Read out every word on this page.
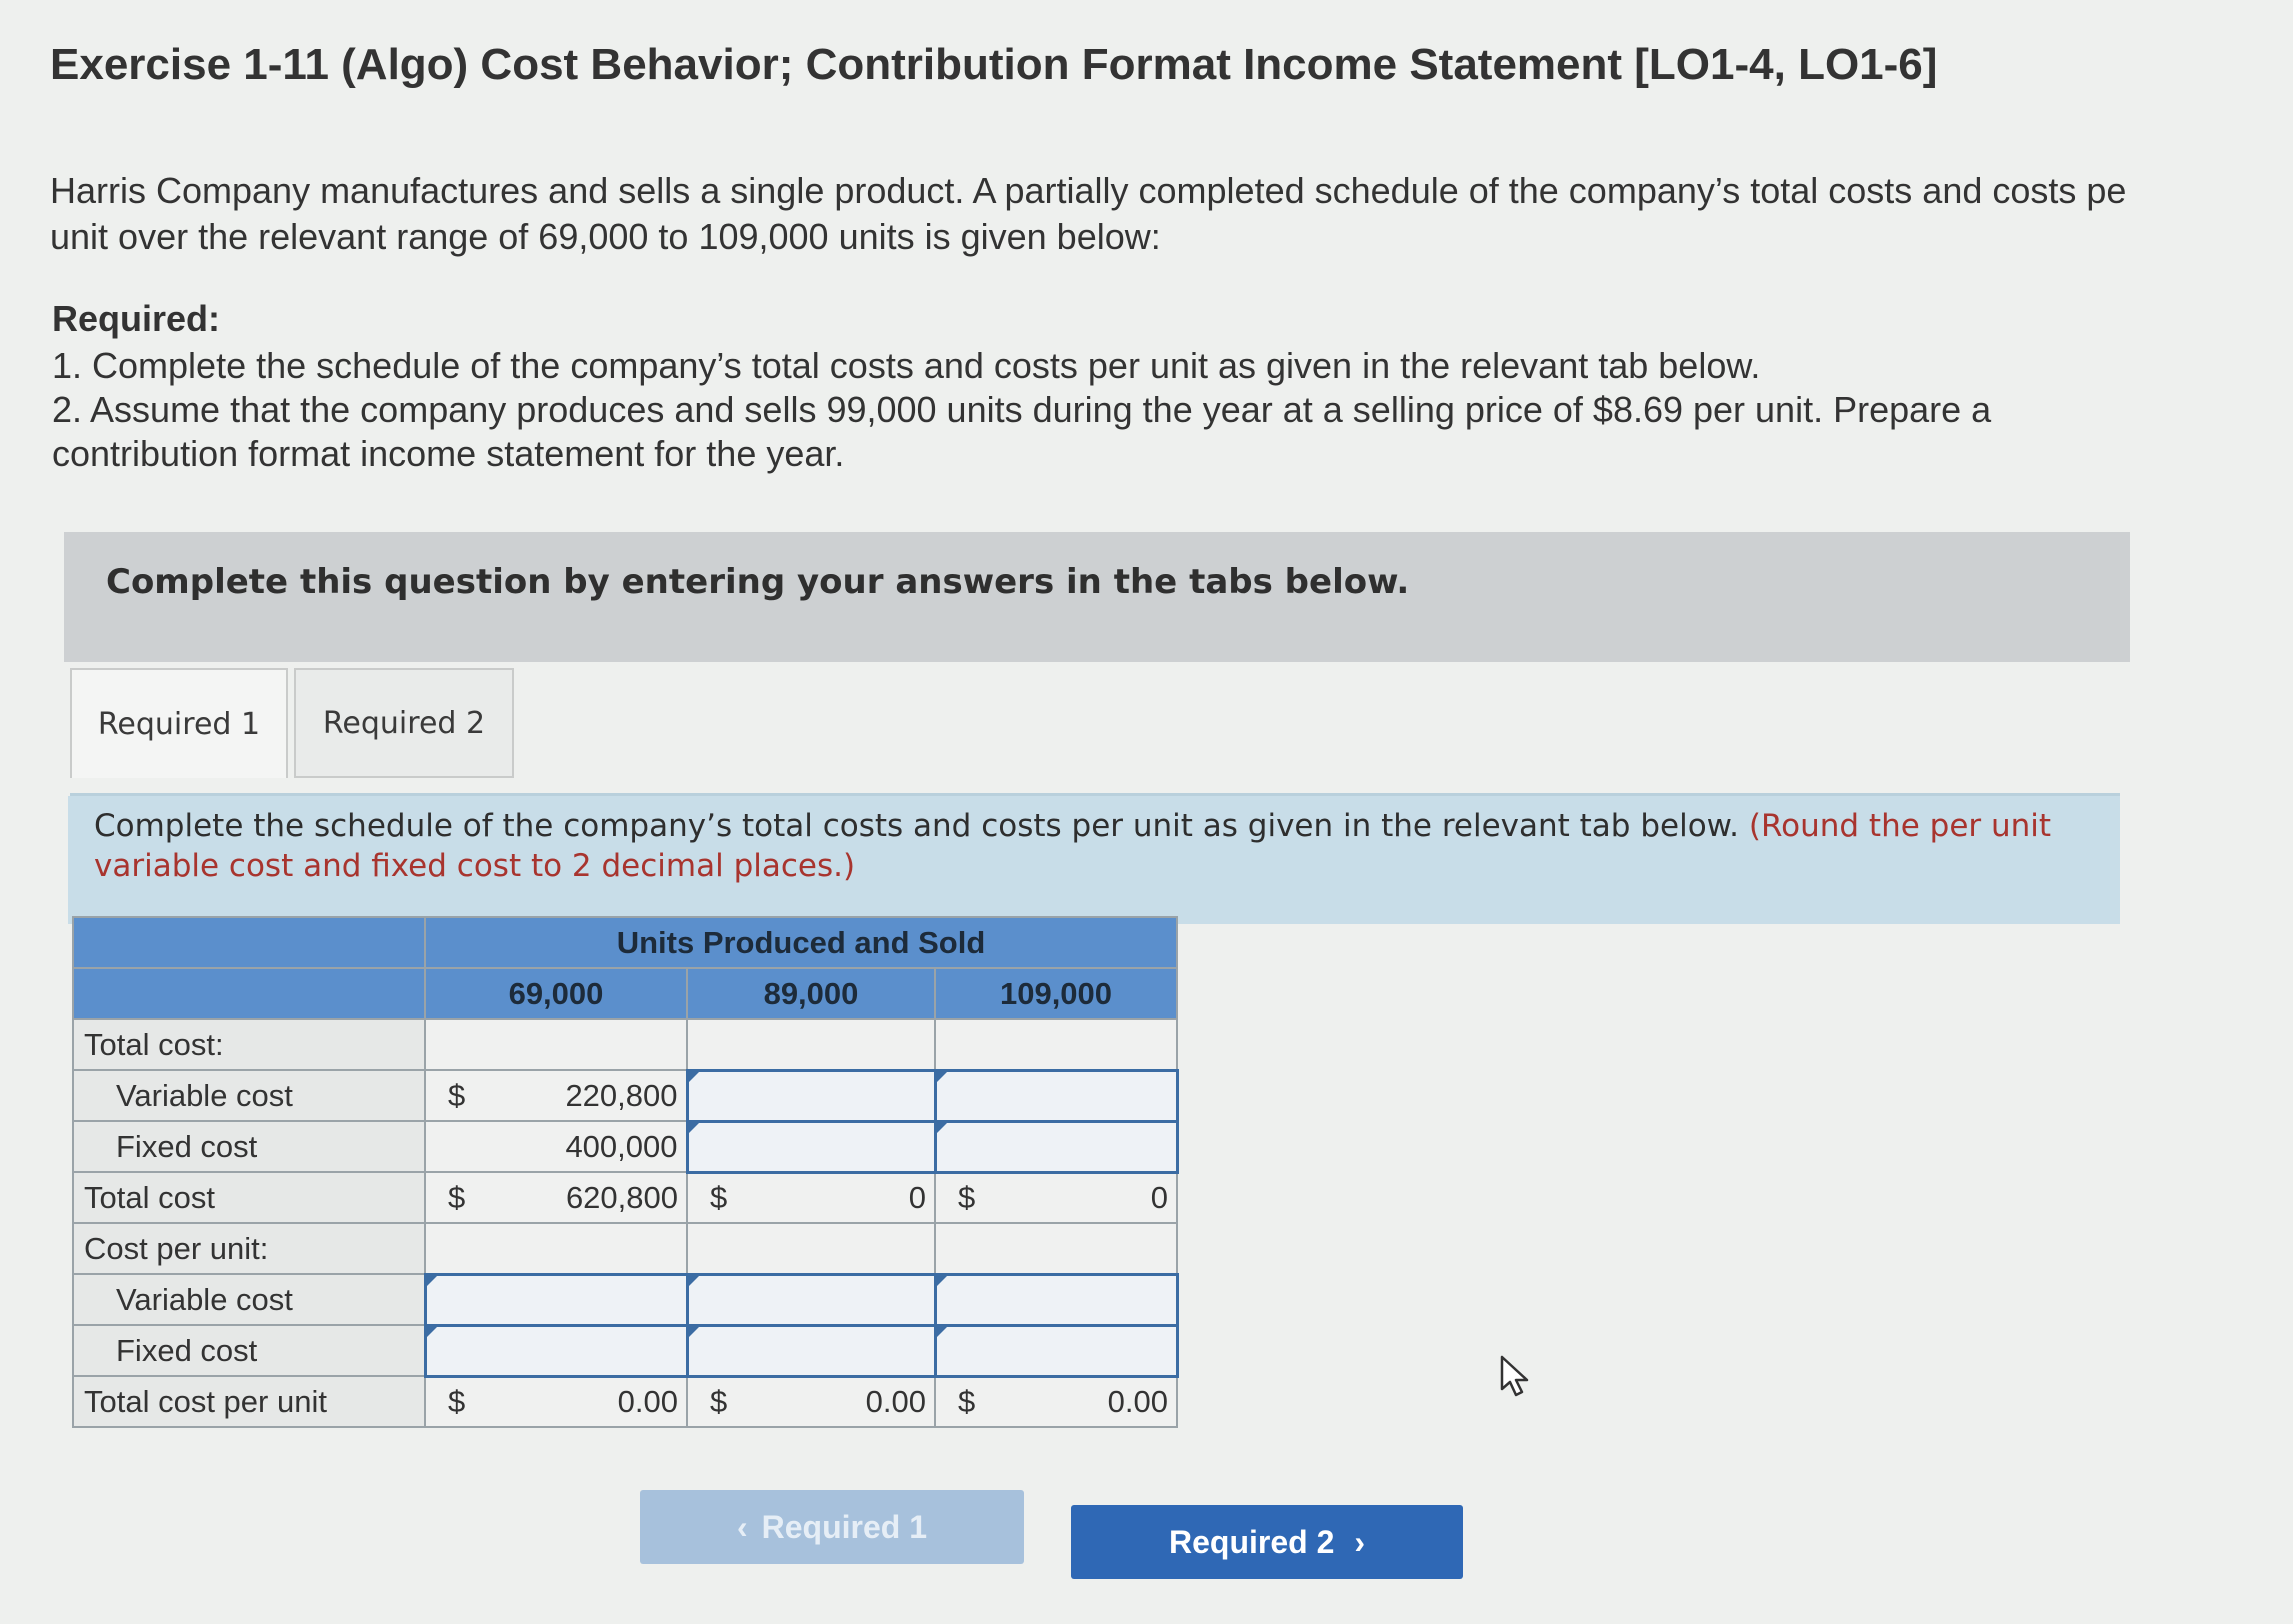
Exercise 1-11 (Algo) Cost Behavior; Contribution Format Income Statement [LO1-4, LO1-6]
Harris Company manufactures and sells a single product. A partially completed schedule of the company’s total costs and costs pe
unit over the relevant range of 69,000 to 109,000 units is given below:
Required:
1. Complete the schedule of the company’s total costs and costs per unit as given in the relevant tab below.
2. Assume that the company produces and sells 99,000 units during the year at a selling price of $8.69 per unit. Prepare a
contribution format income statement for the year.
Complete this question by entering your answers in the tabs below.
Required 1	Required 2
Complete the schedule of the company’s total costs and costs per unit as given in the relevant tab below. (Round the per unit variable cost and fixed cost to 2 decimal places.)
	Units Produced and Sold		
	69,000	89,000	109,000
Total cost:			
Variable cost	$ 220,800		

Fixed cost	400,000		

Total cost	$ 620,800	$ 0	$ 0

Cost per unit:			
Variable cost			
Fixed cost			
Total cost per unit	$ 0.00	$ 0.00	$ 0.00
‹ Required 1	Required 2 ›
